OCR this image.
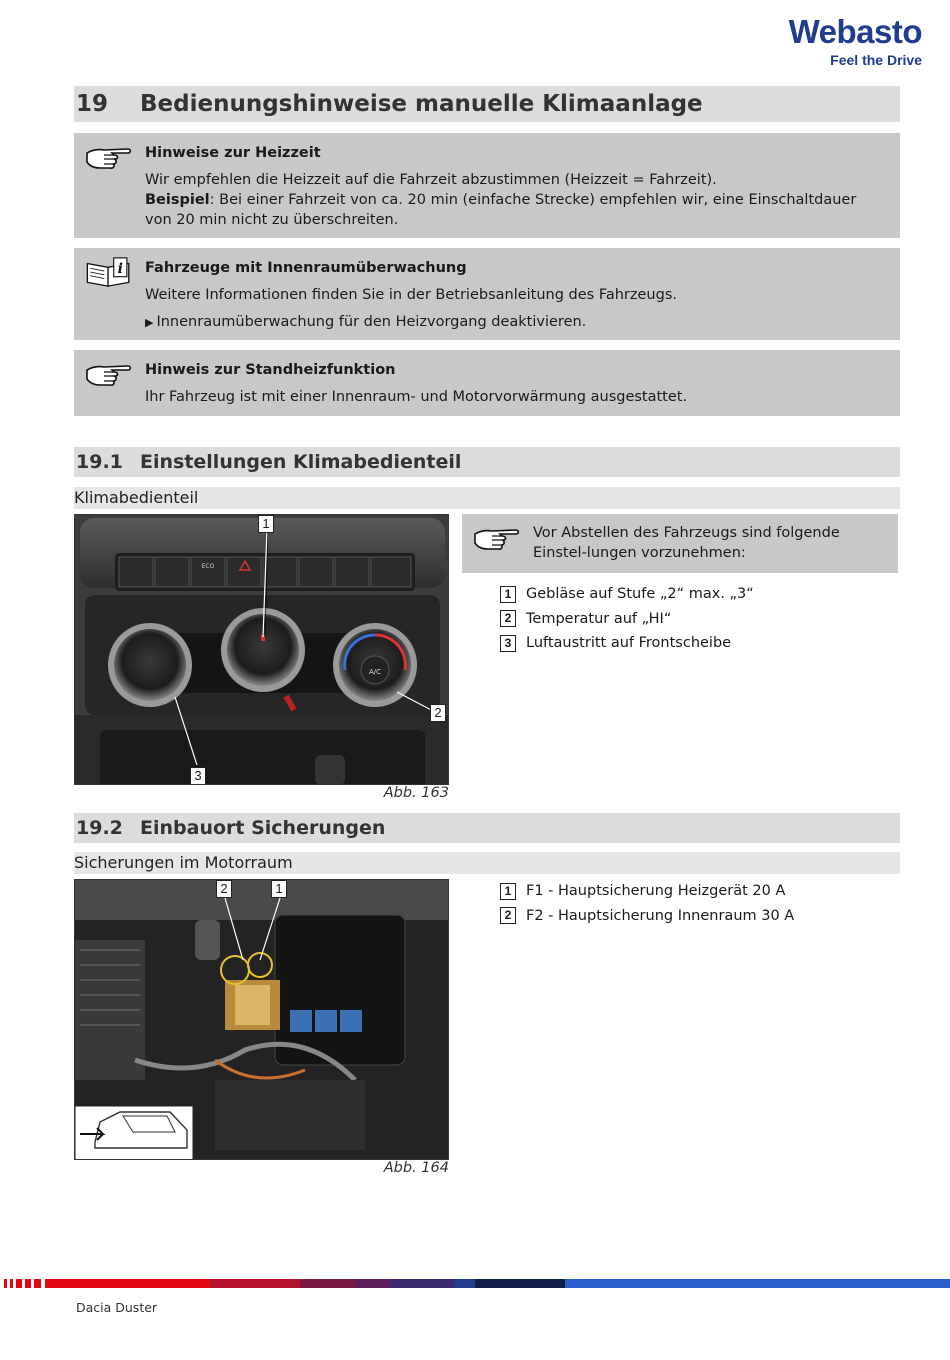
Webasto
Feel the Drive
19	Bedienungshinweise manuelle Klimaanlage
Hinweise zur Heizzeit
Wir empfehlen die Heizzeit auf die Fahrzeit abzustimmen (Heizzeit = Fahrzeit).
Beispiel: Bei einer Fahrzeit von ca. 20 min (einfache Strecke) empfehlen wir, eine Einschaltdauer von 20 min nicht zu überschreiten.
i Fahrzeuge mit Innenraumüberwachung
Weitere Informationen finden Sie in der Betriebsanleitung des Fahrzeugs.
▶ Innenraumüberwachung für den Heizvorgang deaktivieren.
Hinweis zur Standheizfunktion
Ihr Fahrzeug ist mit einer Innenraum- und Motorvorwärmung ausgestattet.
19.1 Einstellungen Klimabedienteil
Klimabedienteil
ECO
A/C
1
2
3
Abb. 163
Vor Abstellen des Fahrzeugs sind folgende Einstel-lungen vorzunehmen:
1	Gebläse auf Stufe „2“ max. „3“
2	Temperatur auf „HI“
3	Luftaustritt auf Frontscheibe
19.2 Einbauort Sicherungen
Sicherungen im Motorraum
2	1
Abb. 164
1	F1 - Hauptsicherung Heizgerät 20 A
2	F2 - Hauptsicherung Innenraum 30 A
Dacia Duster
